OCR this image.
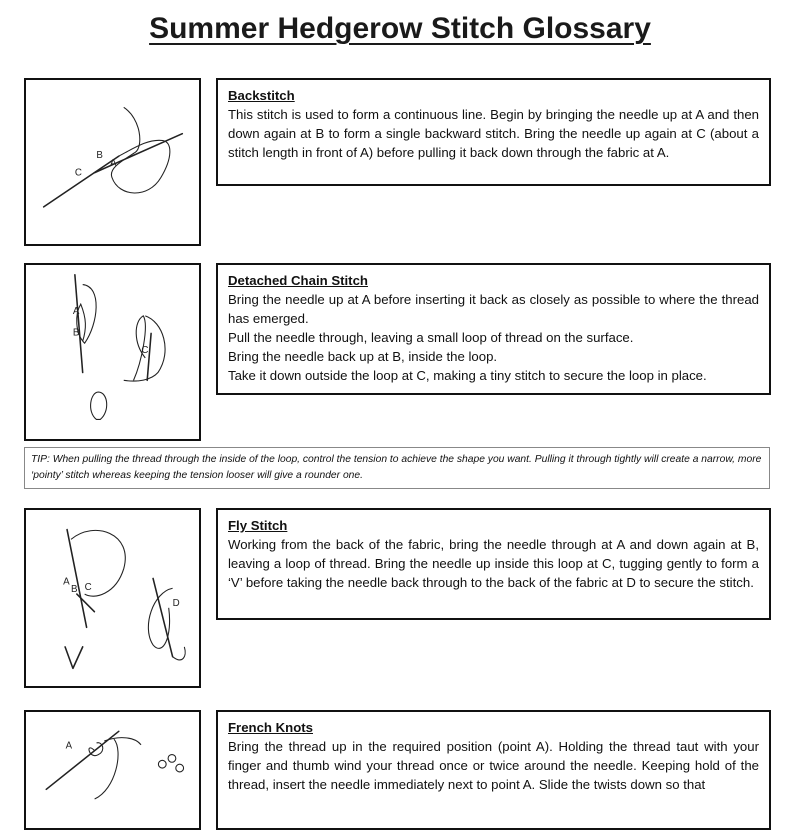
Summer Hedgerow Stitch Glossary
A
B
C
Backstitch
This stitch is used to form a continuous line. Begin by bringing the needle up at A and then down again at B to form a single backward stitch. Bring the needle up again at C (about a stitch length in front of A) before pulling it back down through the fabric at A.
A
B
C
Detached Chain Stitch
Bring the needle up at A before inserting it back as closely as possible to where the thread has emerged.
Pull the needle through, leaving a small loop of thread on the surface.
Bring the needle back up at B, inside the loop.
Take it down outside the loop at C, making a tiny stitch to secure the loop in place.
TIP: When pulling the thread through the inside of the loop, control the tension to achieve the shape you want. Pulling it through tightly will create a narrow, more ‘pointy’ stitch whereas keeping the tension looser will give a rounder one.
A
B C
D
Fly Stitch
Working from the back of the fabric, bring the needle through at A and down again at B, leaving a loop of thread. Bring the needle up inside this loop at C, tugging gently to form a ‘V’ before taking the needle back through to the back of the fabric at D to secure the stitch.
A
French Knots
Bring the thread up in the required position (point A). Holding the thread taut with your finger and thumb wind your thread once or twice around the needle. Keeping hold of the thread, insert the needle immediately next to point A. Slide the twists down so that
